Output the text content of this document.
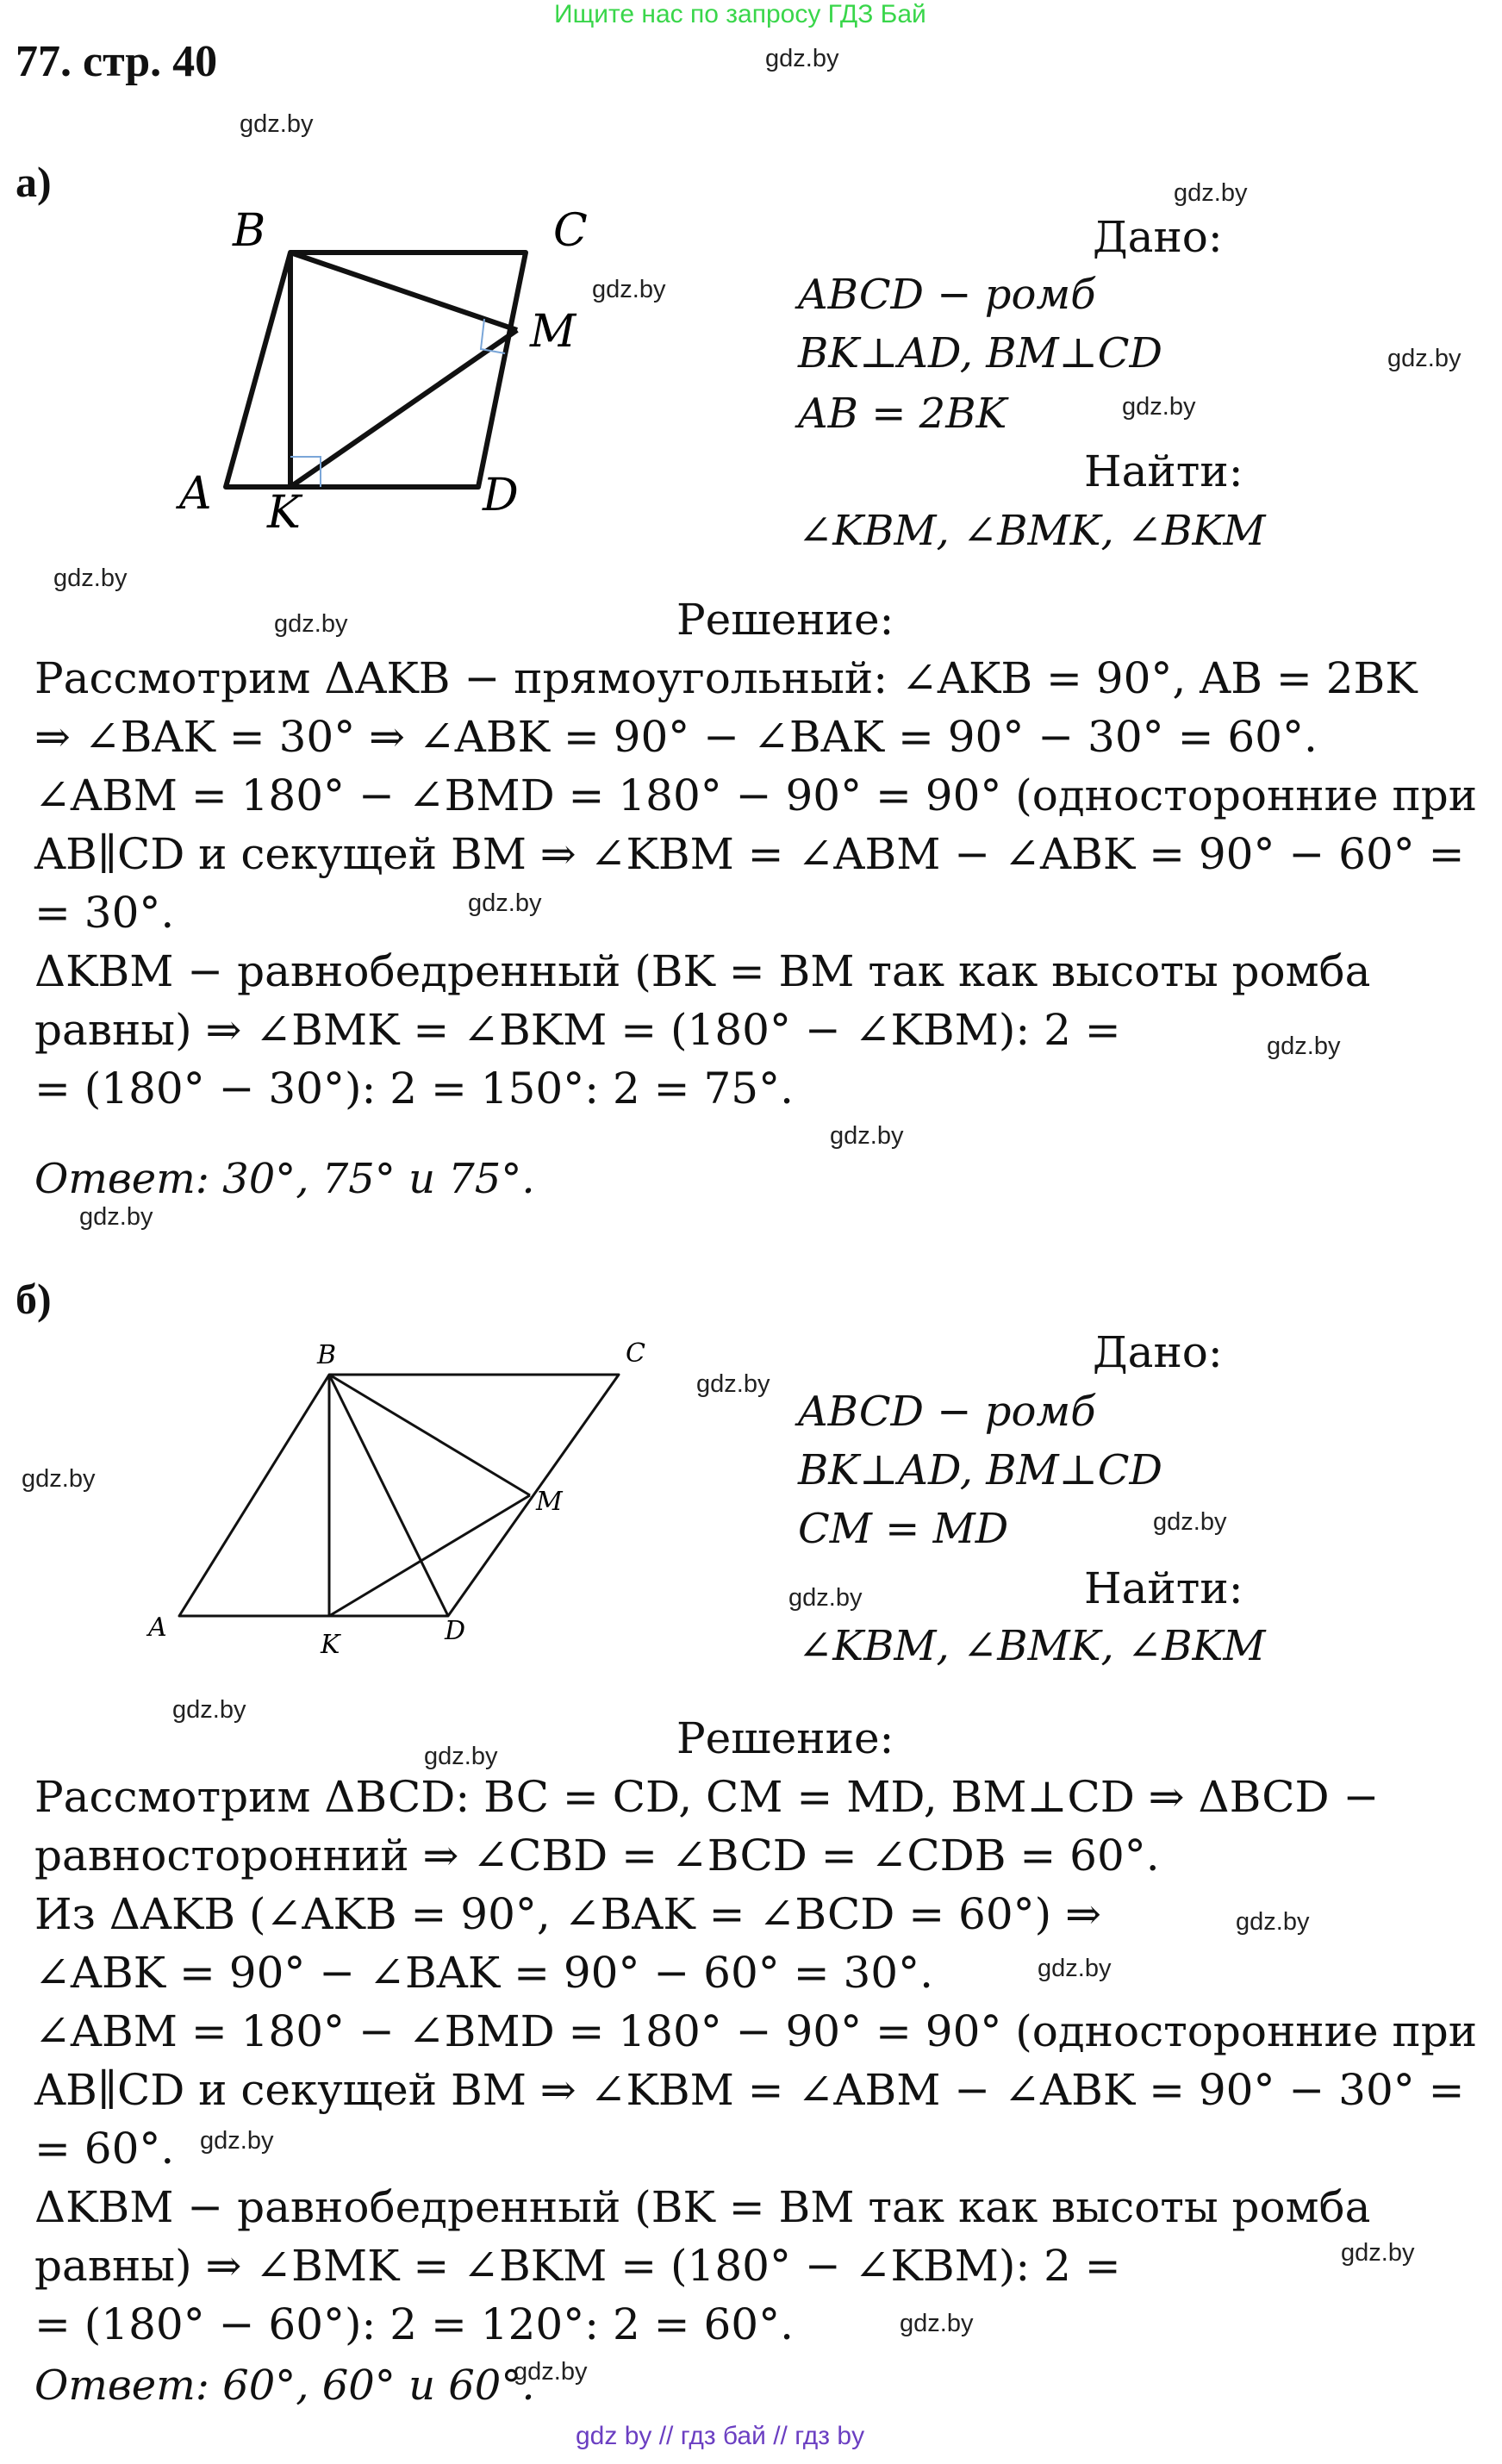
Ищите нас по запросу ГДЗ Бай
77. стр. 40	gdz.by
gdz.by
gdz.by
gdz.by
gdz.by
gdz.by
gdz.by
gdz.by
gdz.by
gdz.by
gdz.by
gdz.by
gdz.by
gdz.by
gdz.by
gdz.by
gdz.by
gdz.by
gdz.by
gdz.by
gdz.by
gdz.by
gdz.by
gdz.by
а)
B	C
M
A K	D
Дано:
ABCD − ромб
BK⊥AD, BM⊥CD
AB = 2BK
Найти:
∠KBM, ∠BMK, ∠BKM
Решение:
Рассмотрим ΔAKB − прямоугольный: ∠AKB = 90°, AB = 2BK
⇒ ∠BAK = 30° ⇒ ∠ABK = 90° − ∠BAK = 90° − 30° = 60°.
∠ABM = 180° − ∠BMD = 180° − 90° = 90° (односторонние при
AB∥CD и секущей BM ⇒ ∠KBM = ∠ABM − ∠ABK = 90° − 60° =
= 30°.
ΔKBM − равнобедренный (BK = BM так как высоты ромба
равны) ⇒ ∠BMK = ∠BKM = (180° − ∠KBM): 2 =
= (180° − 30°): 2 = 150°: 2 = 75°.
Ответ: 30°, 75° и 75°.
б)
B	C
M
A
K	D
Дано:
ABCD − ромб
BK⊥AD, BM⊥CD
CM = MD
Найти:
∠KBM, ∠BMK, ∠BKM
Решение:
Рассмотрим ΔBCD: BC = CD, CM = MD, BM⊥CD ⇒ ΔBCD −
равносторонний ⇒ ∠CBD = ∠BCD = ∠CDB = 60°.
Из ΔAKB (∠AKB = 90°, ∠BAK = ∠BCD = 60°) ⇒
∠ABK = 90° − ∠BAK = 90° − 60° = 30°.
∠ABM = 180° − ∠BMD = 180° − 90° = 90° (односторонние при
AB∥CD и секущей BM ⇒ ∠KBM = ∠ABM − ∠ABK = 90° − 30° =
= 60°.
ΔKBM − равнобедренный (BK = BM так как высоты ромба
равны) ⇒ ∠BMK = ∠BKM = (180° − ∠KBM): 2 =
= (180° − 60°): 2 = 120°: 2 = 60°.
Ответ: 60°, 60° и 60°.
gdz by // гдз бай // гдз by
